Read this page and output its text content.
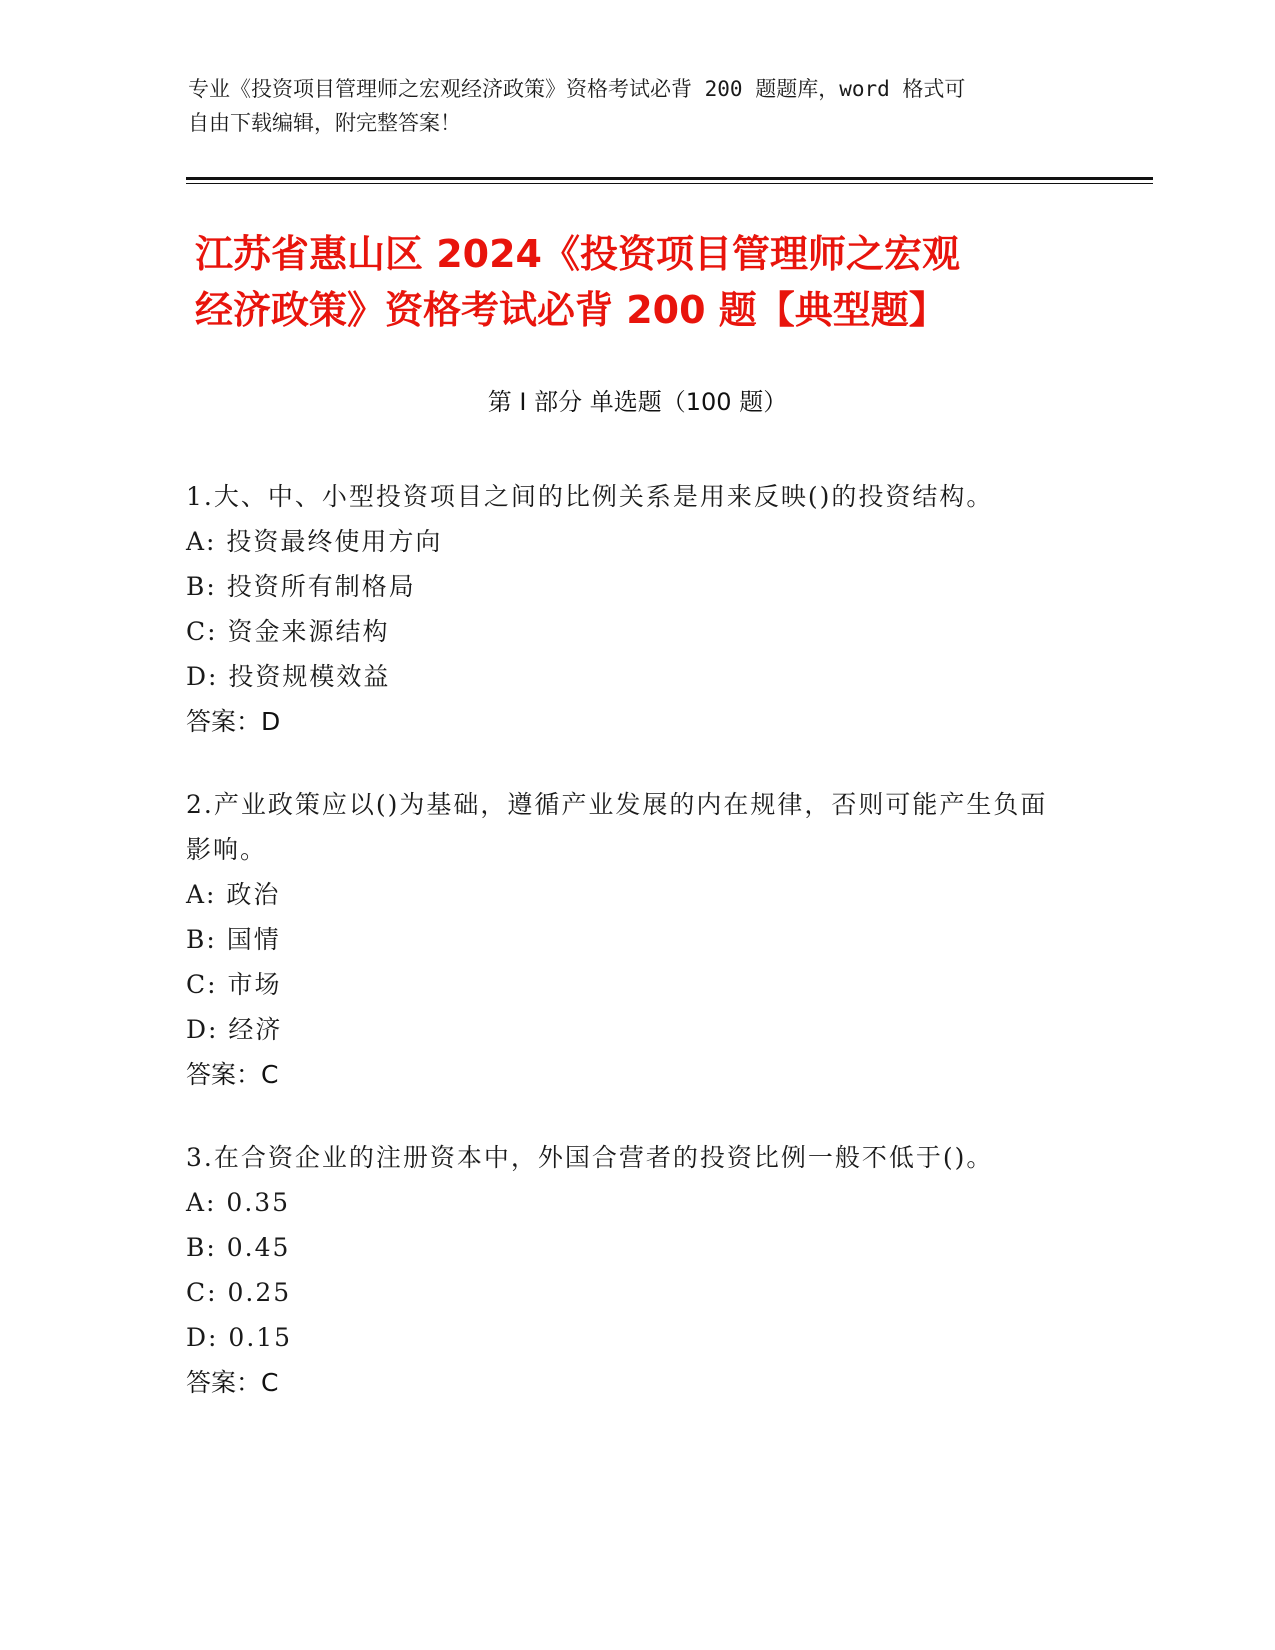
专业《投资项目管理师之宏观经济政策》资格考试必背 200 题题库，word 格式可
自由下载编辑，附完整答案！
江苏省惠山区 2024《投资项目管理师之宏观
经济政策》资格考试必背 200 题【典型题】
第 I 部分 单选题（100 题）

1.大、中、小型投资项目之间的比例关系是用来反映()的投资结构。

A: 投资最终使用方向

B: 投资所有制格局

C: 资金来源结构

D: 投资规模效益

答案：D

2.产业政策应以()为基础，遵循产业发展的内在规律，否则可能产生负面影响。

A: 政治

B: 国情

C: 市场

D: 经济

答案：C

3.在合资企业的注册资本中，外国合营者的投资比例一般不低于()。

A: 0.35

B: 0.45

C: 0.25

D: 0.15

答案：C
